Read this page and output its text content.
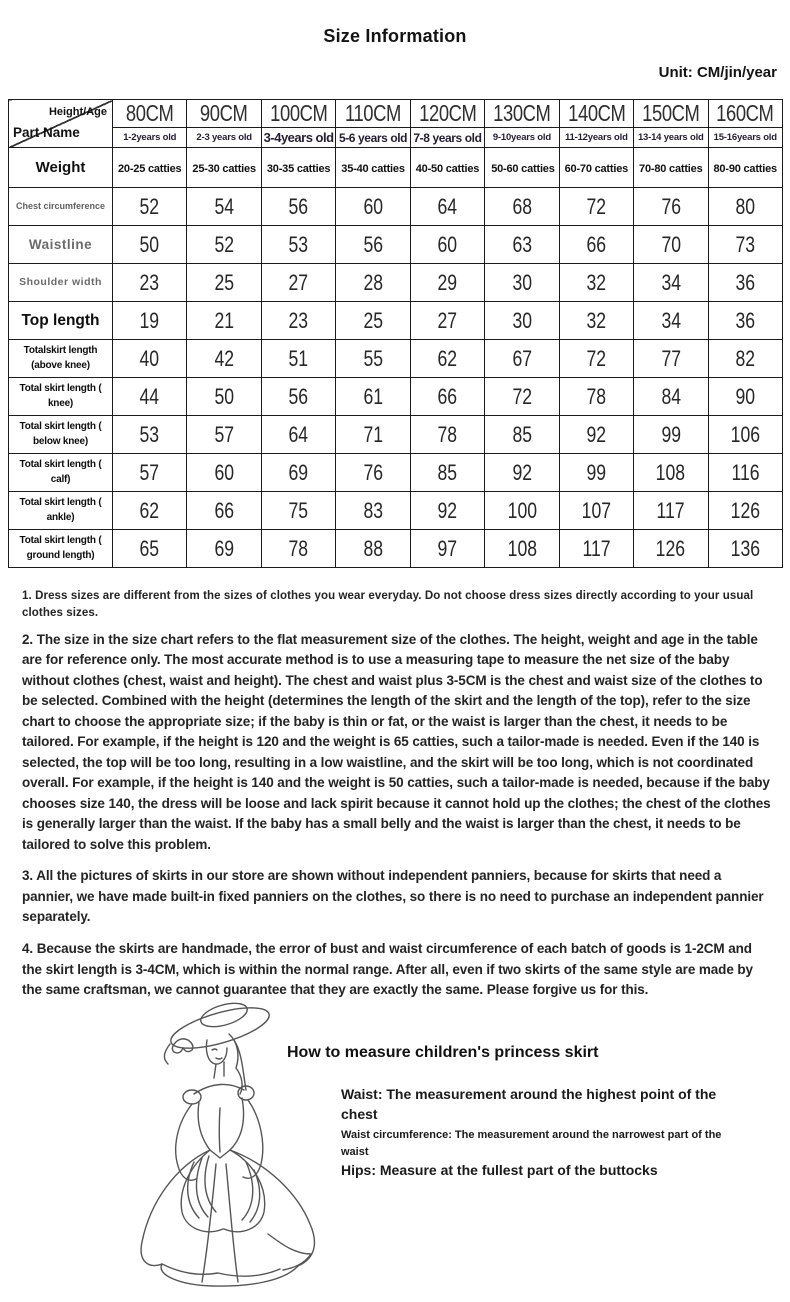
Size Information
Unit: CM/jin/year
Height/Age
Part Name	80CM	90CM	100CM	110CM	120CM	130CM	140CM	150CM	160CM
	1-2years old	2-3 years old	3-4years old	5-6 years old	7-8 years old	9-10years old	11-12years old	13-14 years old	15-16years old
Weight	20-25 catties	25-30 catties	30-35 catties	35-40 catties	40-50 catties	50-60 catties	60-70 catties	70-80 catties	80-90 catties
Chest circumference	52	54	56	60	64	68	72	76	80
Waistline	50	52	53	56	60	63	66	70	73
Shoulder width	23	25	27	28	29	30	32	34	36
Top length	19	21	23	25	27	30	32	34	36
Totalskirt length (above knee)	40	42	51	55	62	67	72	77	82
Total skirt length ( knee)	44	50	56	61	66	72	78	84	90
Total skirt length ( below knee)	53	57	64	71	78	85	92	99	106
Total skirt length ( calf)	57	60	69	76	85	92	99	108	116
Total skirt length ( ankle)	62	66	75	83	92	100	107	117	126
Total skirt length ( ground length)	65	69	78	88	97	108	117	126	136

1. Dress sizes are different from the sizes of clothes you wear everyday. Do not choose dress sizes directly according to your usual clothes sizes.

2. The size in the size chart refers to the flat measurement size of the clothes. The height, weight and age in the table are for reference only. The most accurate method is to use a measuring tape to measure the net size of the baby without clothes (chest, waist and height). The chest and waist plus 3-5CM is the chest and waist size of the clothes to be selected. Combined with the height (determines the length of the skirt and the length of the top), refer to the size chart to choose the appropriate size; if the baby is thin or fat, or the waist is larger than the chest, it needs to be tailored. For example, if the height is 120 and the weight is 65 catties, such a tailor-made is needed. Even if the 140 is selected, the top will be too long, resulting in a low waistline, and the skirt will be too long, which is not coordinated overall. For example, if the height is 140 and the weight is 50 catties, such a tailor-made is needed, because if the baby chooses size 140, the dress will be loose and lack spirit because it cannot hold up the clothes; the chest of the clothes is generally larger than the waist. If the baby has a small belly and the waist is larger than the chest, it needs to be tailored to solve this problem.

3. All the pictures of skirts in our store are shown without independent panniers, because for skirts that need a pannier, we have made built-in fixed panniers on the clothes, so there is no need to purchase an independent pannier separately.

4. Because the skirts are handmade, the error of bust and waist circumference of each batch of goods is 1-2CM and the skirt length is 3-4CM, which is within the normal range. After all, even if two skirts of the same style are made by the same craftsman, we cannot guarantee that they are exactly the same. Please forgive us for this.

How to measure children's princess skirt

Waist: The measurement around the highest point of the chest

Waist circumference: The measurement around the narrowest part of the waist

Hips: Measure at the fullest part of the buttocks
